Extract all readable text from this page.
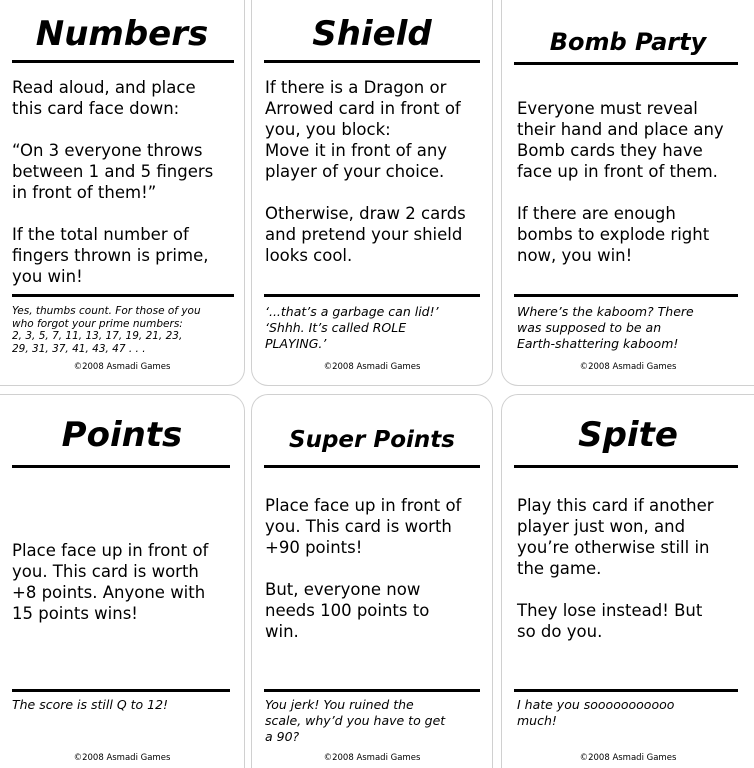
Numbers
Read aloud, and place
this card face down:

“On 3 everyone throws
between 1 and 5 fingers
in front of them!”

If the total number of
fingers thrown is prime,
you win!
Yes, thumbs count. For those of you
who forgot your prime numbers:
2, 3, 5, 7, 11, 13, 17, 19, 21, 23,
29, 31, 37, 41, 43, 47 . . .
©2008 Asmadi Games
Shield
If there is a Dragon or
Arrowed card in front of
you, you block:
Move it in front of any
player of your choice.

Otherwise, draw 2 cards
and pretend your shield
looks cool.
‘...that’s a garbage can lid!’
‘Shhh. It’s called ROLE
PLAYING.’
©2008 Asmadi Games
Bomb Party
Everyone must reveal
their hand and place any
Bomb cards they have
face up in front of them.

If there are enough
bombs to explode right
now, you win!
Where’s the kaboom? There
was supposed to be an
Earth-shattering kaboom!
©2008 Asmadi Games
Points
Place face up in front of
you. This card is worth
+8 points. Anyone with
15 points wins!
The score is still Q to 12!
©2008 Asmadi Games
Super Points
Place face up in front of
you. This card is worth
+90 points!

But, everyone now
needs 100 points to
win.
You jerk! You ruined the
scale, why’d you have to get
a 90?
©2008 Asmadi Games
Spite
Play this card if another
player just won, and
you’re otherwise still in
the game.

They lose instead! But
so do you.
I hate you sooooooooooo
much!
©2008 Asmadi Games
